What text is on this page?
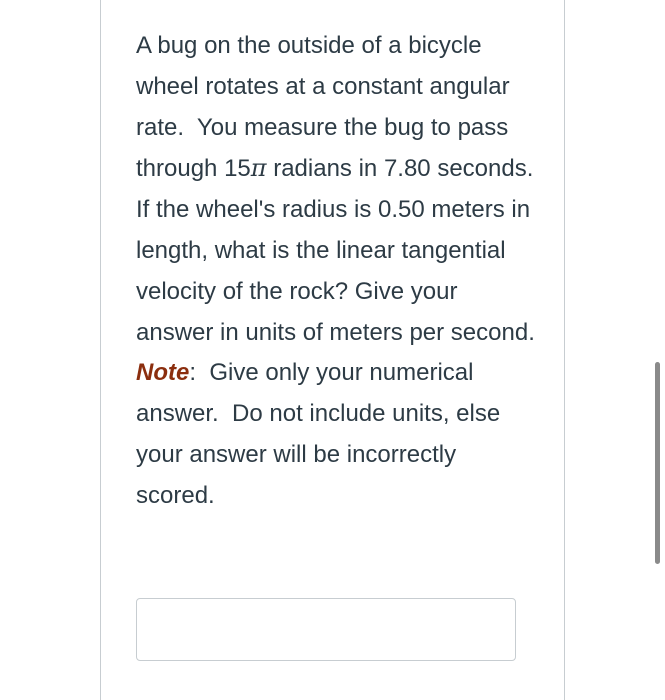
A bug on the outside of a bicycle wheel rotates at a constant angular rate.  You measure the bug to pass through 15π radians in 7.80 seconds.  If the wheel's radius is 0.50 meters in length, what is the linear tangential velocity of the rock? Give your answer in units of meters per second. Note:  Give only your numerical answer.  Do not include units, else your answer will be incorrectly scored.
